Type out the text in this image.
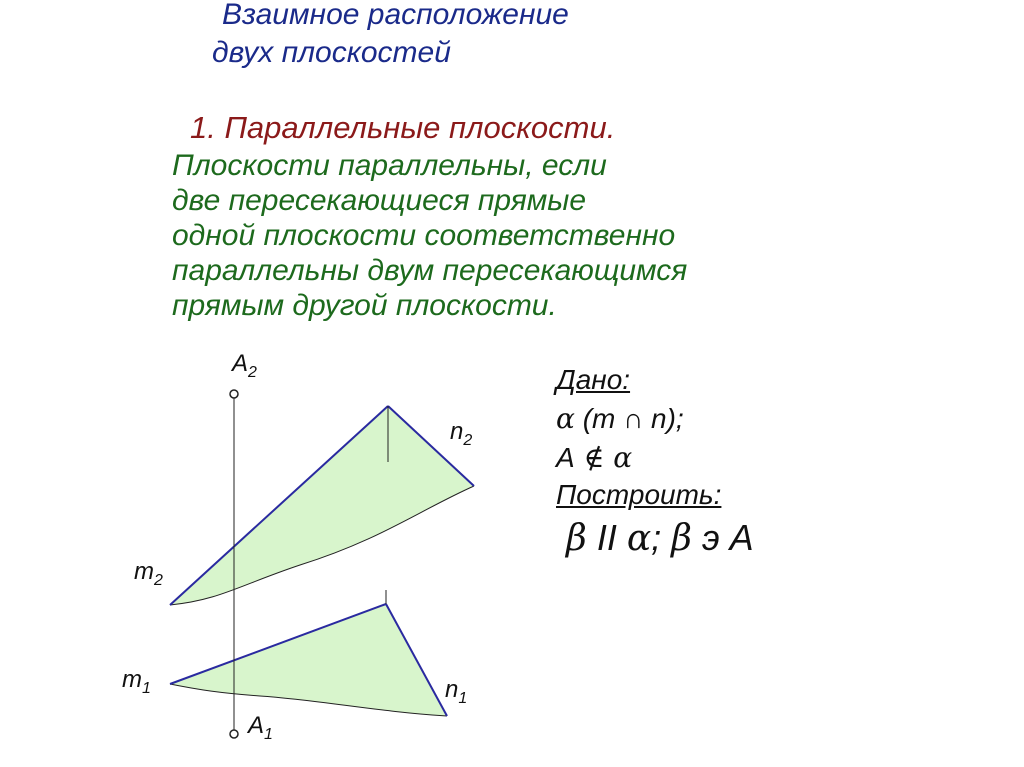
Взаимное расположение
двух плоскостей
1. Параллельные плоскости.
Плоскости параллельны, если
две пересекающиеся прямые
одной плоскости соответственно
параллельны двум пересекающимся
прямым другой плоскости.
$A_2$
$A_1$
$m_2$
$n_2$
$m_1$	$n_1$
Дано:
α (m ∩ n);
A ∉ α
Построить:
β II α; β э A
